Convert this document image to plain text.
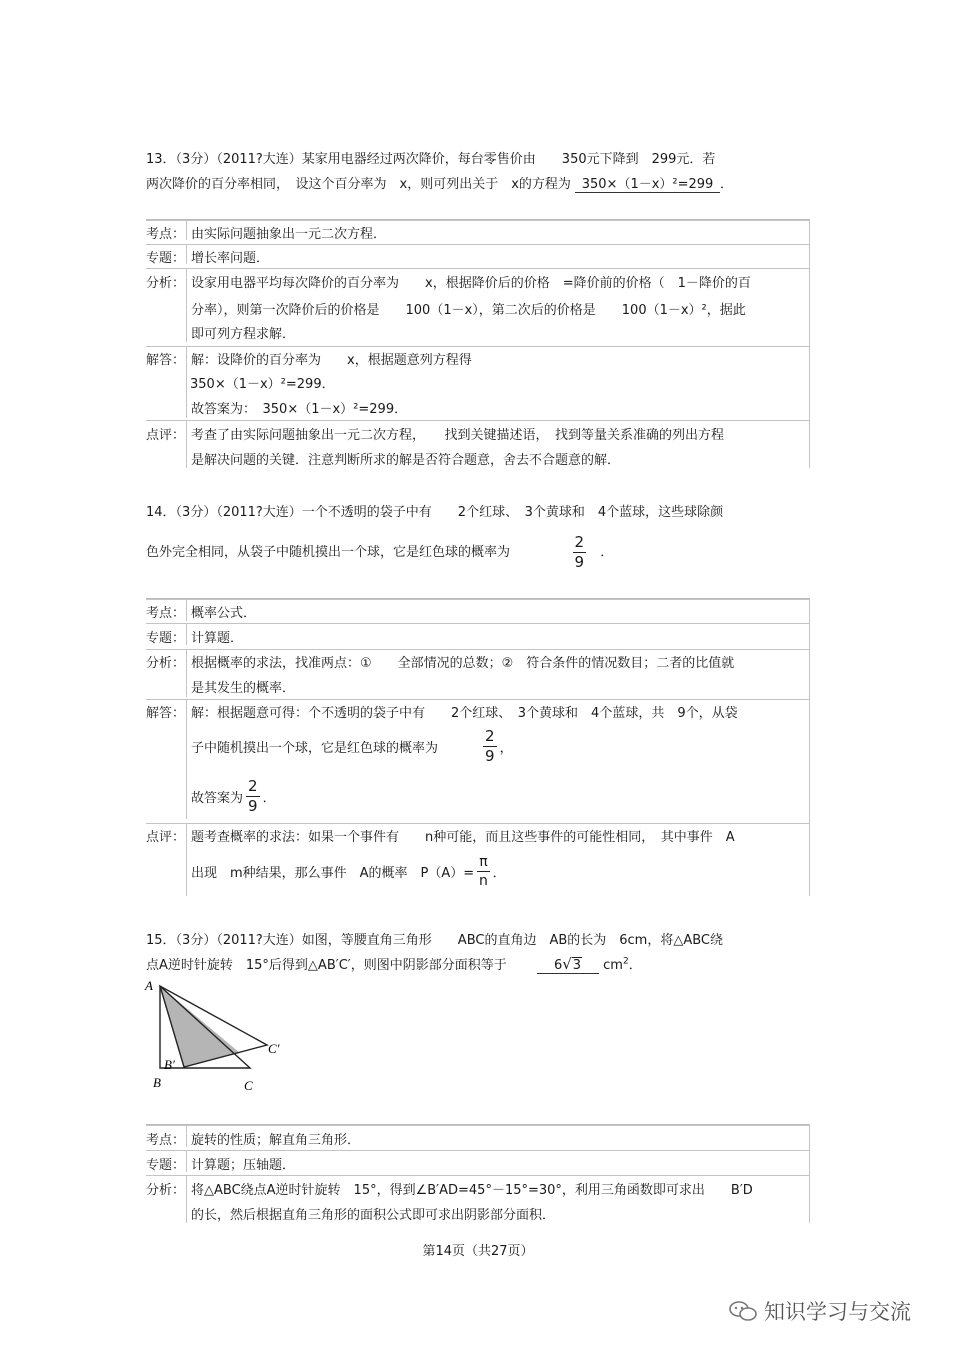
13．（3分）（2011?大连）某家用电器经过两次降价，每台零售价由　　350元下降到　299元．若
两次降价的百分率相同，　设这个百分率为　x，则可列出关于　x的方程为 350×（1－x）²=299 ．
考点： 由实际问题抽象出一元二次方程．
专题： 增长率问题．
分析： 设家用电器平均每次降价的百分率为　　x，根据降价后的价格　=降价前的价格（　1－降价的百
分率），则第一次降价后的价格是　　100（1－x），第二次后的价格是　　100（1－x）²，据此
即可列方程求解．
解答： 解：设降价的百分率为　　x，根据题意列方程得
350×（1－x）²=299．
故答案为：　350×（1－x）²=299．
点评： 考查了由实际问题抽象出一元二次方程，　　找到关键描述语，　找到等量关系准确的列出方程
是解决问题的关键．注意判断所求的解是否符合题意，舍去不合题意的解．
14．（3分）（2011?大连）一个不透明的袋子中有　　2个红球、　3个黄球和　4个蓝球，这些球除颜
色外完全相同，从袋子中随机摸出一个球，它是红色球的概率为	$\frac{2}{9}$ ．
考点： 概率公式．
专题： 计算题．
分析： 根据概率的求法，找准两点：①　　全部情况的总数；②　符合条件的情况数目；二者的比值就
是其发生的概率．
解答： 解：根据题意可得：个不透明的袋子中有　　2个红球、　3个黄球和　4个蓝球，共　9个，从袋
子中随机摸出一个球，它是红色球的概率为	$\frac{2}{9}$ ，
故答案为 $\frac{2}{9}$ ．
点评： 题考查概率的求法：如果一个事件有　　n种可能，而且这些事件的可能性相同，　其中事件　A
出现　m种结果，那么事件　A的概率　$P(A)= \frac{\pi}{n}$ ．
15．（3分）（2011?大连）如图，等腰直角三角形　　ABC的直角边　AB的长为　6cm，将△ABC绕
点A逆时针旋转　15°后得到△AB′C′，则图中阴影部分面积等于	6√3 $cm^2$．
A
B	C
B′
C′
考点： 旋转的性质；解直角三角形．
专题： 计算题；压轴题．
分析： 将△ABC绕点A逆时针旋转　15°，得到∠B′AD=45°－15°=30°，利用三角函数即可求出　　B′D
的长，然后根据直角三角形的面积公式即可求出阴影部分面积．
第14页（共27页）
知识学习与交流
